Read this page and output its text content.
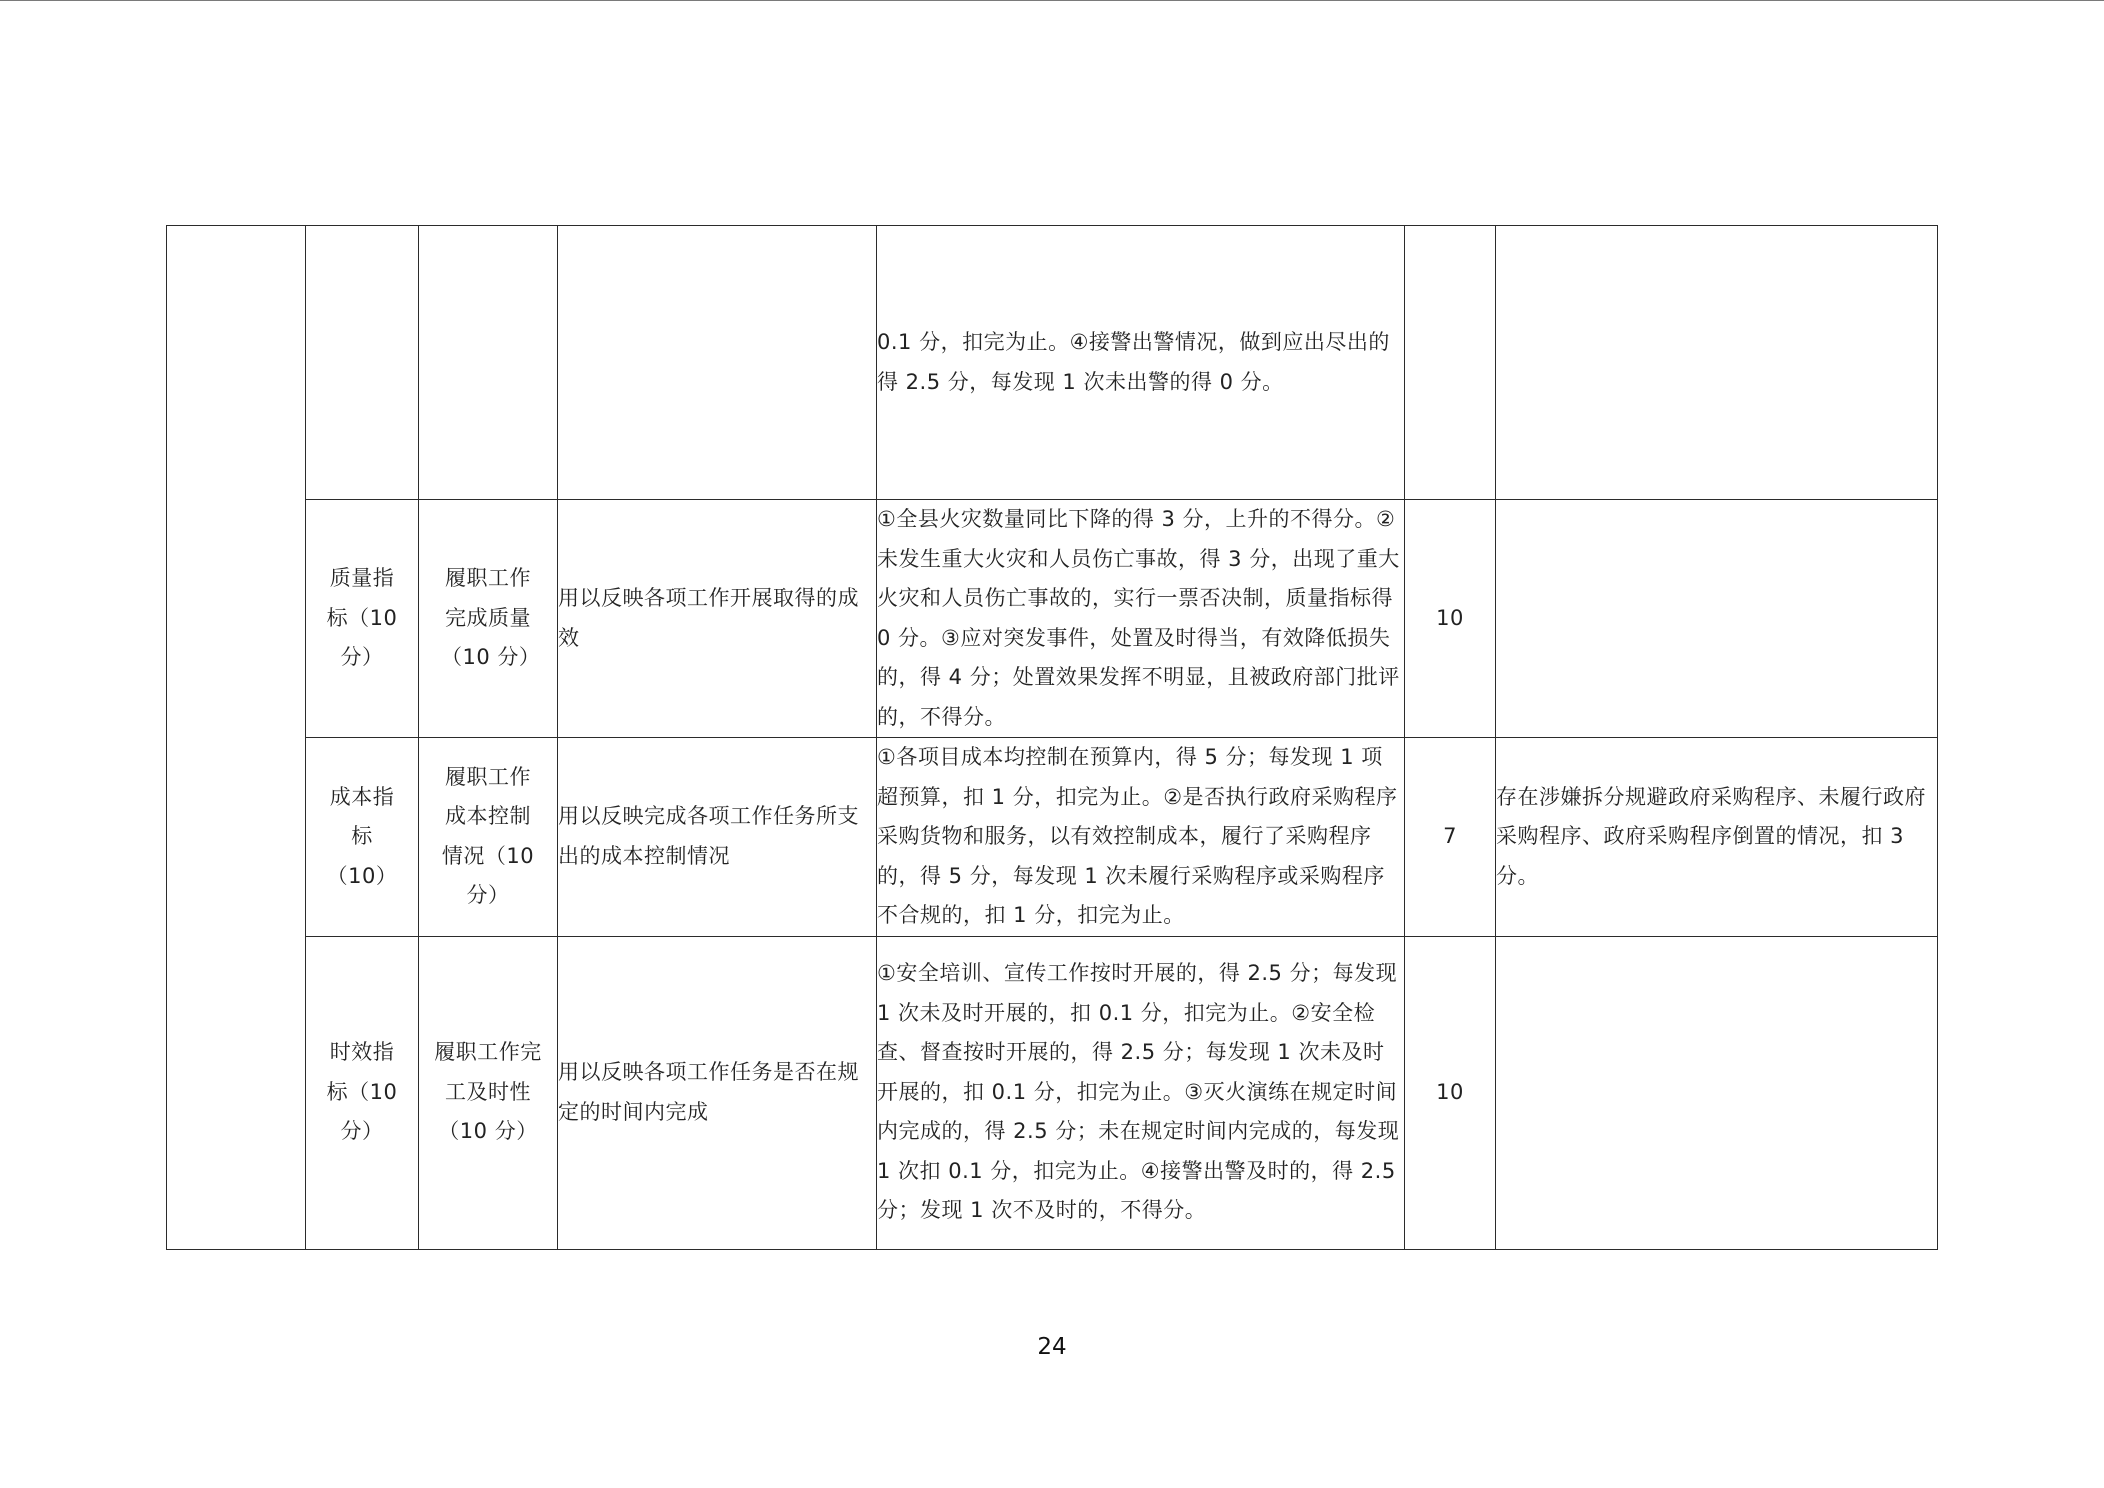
				0.1 分，扣完为止。④接警出警情况，做到应出尽出的得 2.5 分，每发现 1 次未出警的得 0 分。		

	质量指标（10 分）	履职工作完成质量（10 分）	用以反映各项工作开展取得的成效	①全县火灾数量同比下降的得 3 分，上升的不得分。②未发生重大火灾和人员伤亡事故，得 3 分，出现了重大火灾和人员伤亡事故的，实行一票否决制，质量指标得 0 分。③应对突发事件，处置及时得当，有效降低损失的，得 4 分；处置效果发挥不明显，且被政府部门批评的，不得分。	10	

	成本指标（10）	履职工作成本控制情况（10 分）	用以反映完成各项工作任务所支出的成本控制情况	①各项目成本均控制在预算内，得 5 分；每发现 1 项超预算，扣 1 分，扣完为止。②是否执行政府采购程序采购货物和服务，以有效控制成本，履行了采购程序的，得 5 分，每发现 1 次未履行采购程序或采购程序不合规的，扣 1 分，扣完为止。	7	存在涉嫌拆分规避政府采购程序、未履行政府采购程序、政府采购程序倒置的情况，扣 3 分。

	时效指标（10 分）	履职工作完工及时性（10 分）	用以反映各项工作任务是否在规定的时间内完成	①安全培训、宣传工作按时开展的，得 2.5 分；每发现 1 次未及时开展的，扣 0.1 分，扣完为止。②安全检查、督查按时开展的，得 2.5 分；每发现 1 次未及时开展的，扣 0.1 分，扣完为止。③灭火演练在规定时间内完成的，得 2.5 分；未在规定时间内完成的，每发现 1 次扣 0.1 分，扣完为止。④接警出警及时的，得 2.5 分；发现 1 次不及时的，不得分。	10	

24
